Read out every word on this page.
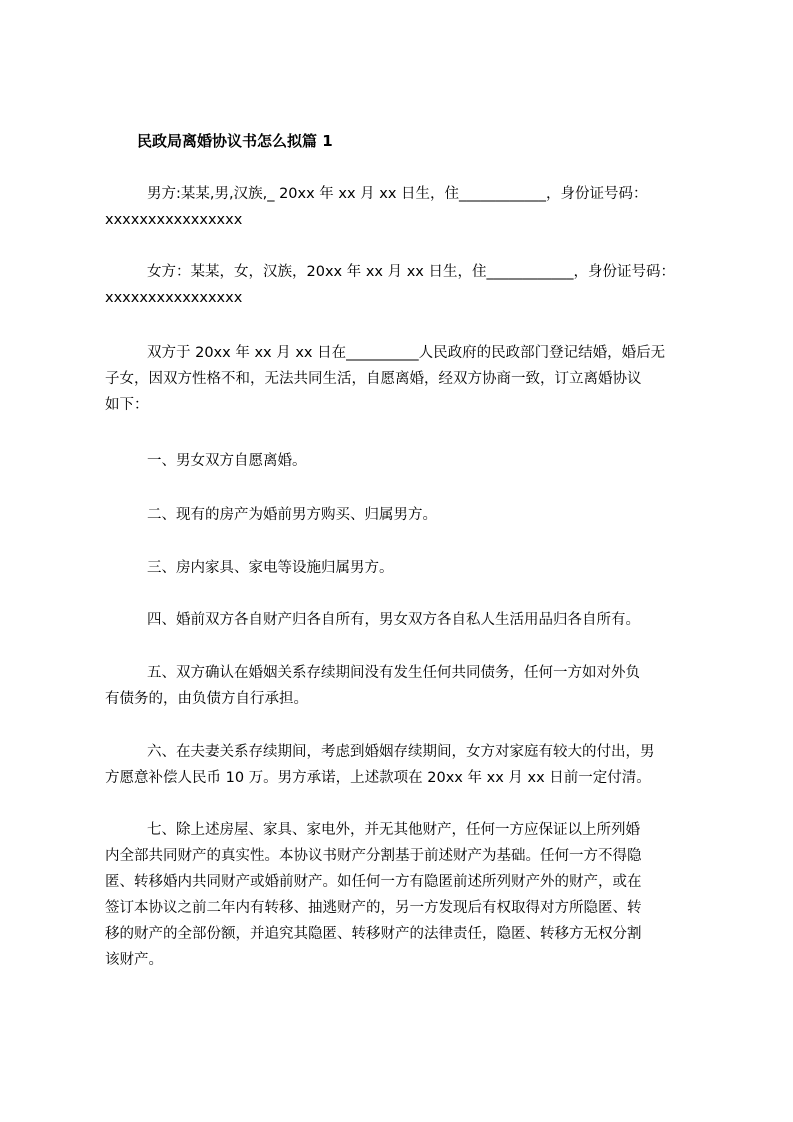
民政局离婚协议书怎么拟篇 1
男方:某某,男,汉族,_ 20xx 年 xx 月 xx 日生，住____________，身份证号码：
xxxxxxxxxxxxxxxx
女方：某某，女，汉族，20xx 年 xx 月 xx 日生，住____________，身份证号码：
xxxxxxxxxxxxxxxx
双方于 20xx 年 xx 月 xx 日在__________人民政府的民政部门登记结婚，婚后无
子女，因双方性格不和，无法共同生活，自愿离婚，经双方协商一致，订立离婚协议
如下：
一、男女双方自愿离婚。
二、现有的房产为婚前男方购买、归属男方。
三、房内家具、家电等设施归属男方。
四、婚前双方各自财产归各自所有，男女双方各自私人生活用品归各自所有。
五、双方确认在婚姻关系存续期间没有发生任何共同债务，任何一方如对外负
有债务的，由负债方自行承担。
六、在夫妻关系存续期间，考虑到婚姻存续期间，女方对家庭有较大的付出，男
方愿意补偿人民币 10 万。男方承诺，上述款项在 20xx 年 xx 月 xx 日前一定付清。
七、除上述房屋、家具、家电外，并无其他财产，任何一方应保证以上所列婚
内全部共同财产的真实性。本协议书财产分割基于前述财产为基础。任何一方不得隐
匿、转移婚内共同财产或婚前财产。如任何一方有隐匿前述所列财产外的财产，或在
签订本协议之前二年内有转移、抽逃财产的，另一方发现后有权取得对方所隐匿、转
移的财产的全部份额，并追究其隐匿、转移财产的法律责任，隐匿、转移方无权分割
该财产。
